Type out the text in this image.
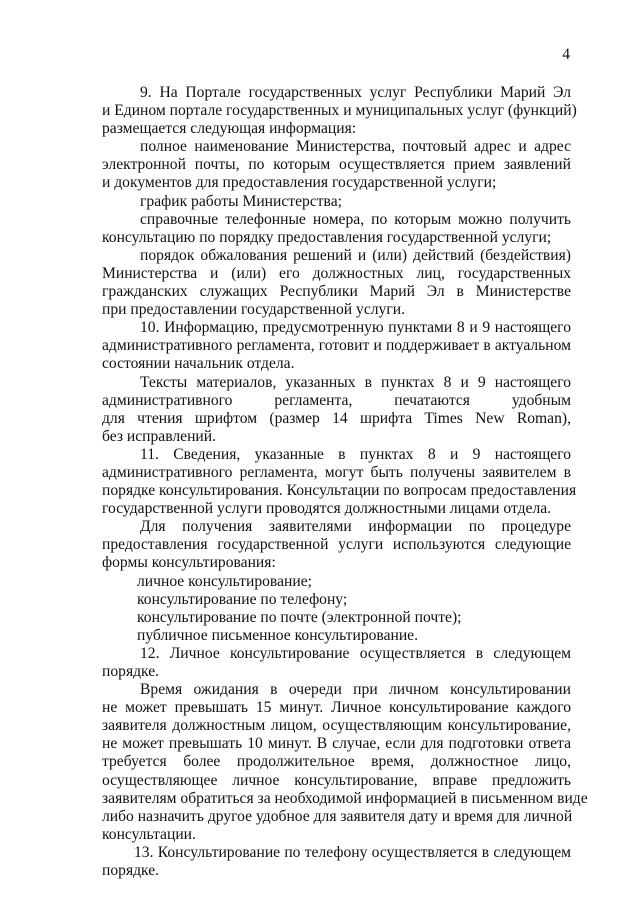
4
9. На Портале государственных услуг Республики Марий Эл
и Едином портале государственных и муниципальных услуг (функций)
размещается следующая информация:
полное наименование Министерства, почтовый адрес и адрес
электронной почты, по которым осуществляется прием заявлений
и документов для предоставления государственной услуги;
график работы Министерства;
справочные телефонные номера, по которым можно получить
консультацию по порядку предоставления государственной услуги;
порядок обжалования решений и (или) действий (бездействия)
Министерства и (или) его должностных лиц, государственных
гражданских служащих Республики Марий Эл в Министерстве
при предоставлении государственной услуги.
10. Информацию, предусмотренную пунктами 8 и 9 настоящего
административного регламента, готовит и поддерживает в актуальном
состоянии начальник отдела.
Тексты материалов, указанных в пунктах 8 и 9 настоящего
административного регламента, печатаются удобным
для чтения шрифтом (размер 14 шрифта Times New Roman),
без исправлений.
11. Сведения, указанные в пунктах 8 и 9 настоящего
административного регламента, могут быть получены заявителем в
порядке консультирования. Консультации по вопросам предоставления
государственной услуги проводятся должностными лицами отдела.
Для получения заявителями информации по процедуре
предоставления государственной услуги используются следующие
формы консультирования:
личное консультирование;
консультирование по телефону;
консультирование по почте (электронной почте);
публичное письменное консультирование.
12. Личное консультирование осуществляется в следующем
порядке.
Время ожидания в очереди при личном консультировании
не может превышать 15 минут. Личное консультирование каждого
заявителя должностным лицом, осуществляющим консультирование,
не может превышать 10 минут. В случае, если для подготовки ответа
требуется более продолжительное время, должностное лицо,
осуществляющее личное консультирование, вправе предложить
заявителям обратиться за необходимой информацией в письменном виде
либо назначить другое удобное для заявителя дату и время для личной
консультации.
13. Консультирование по телефону осуществляется в следующем
порядке.
